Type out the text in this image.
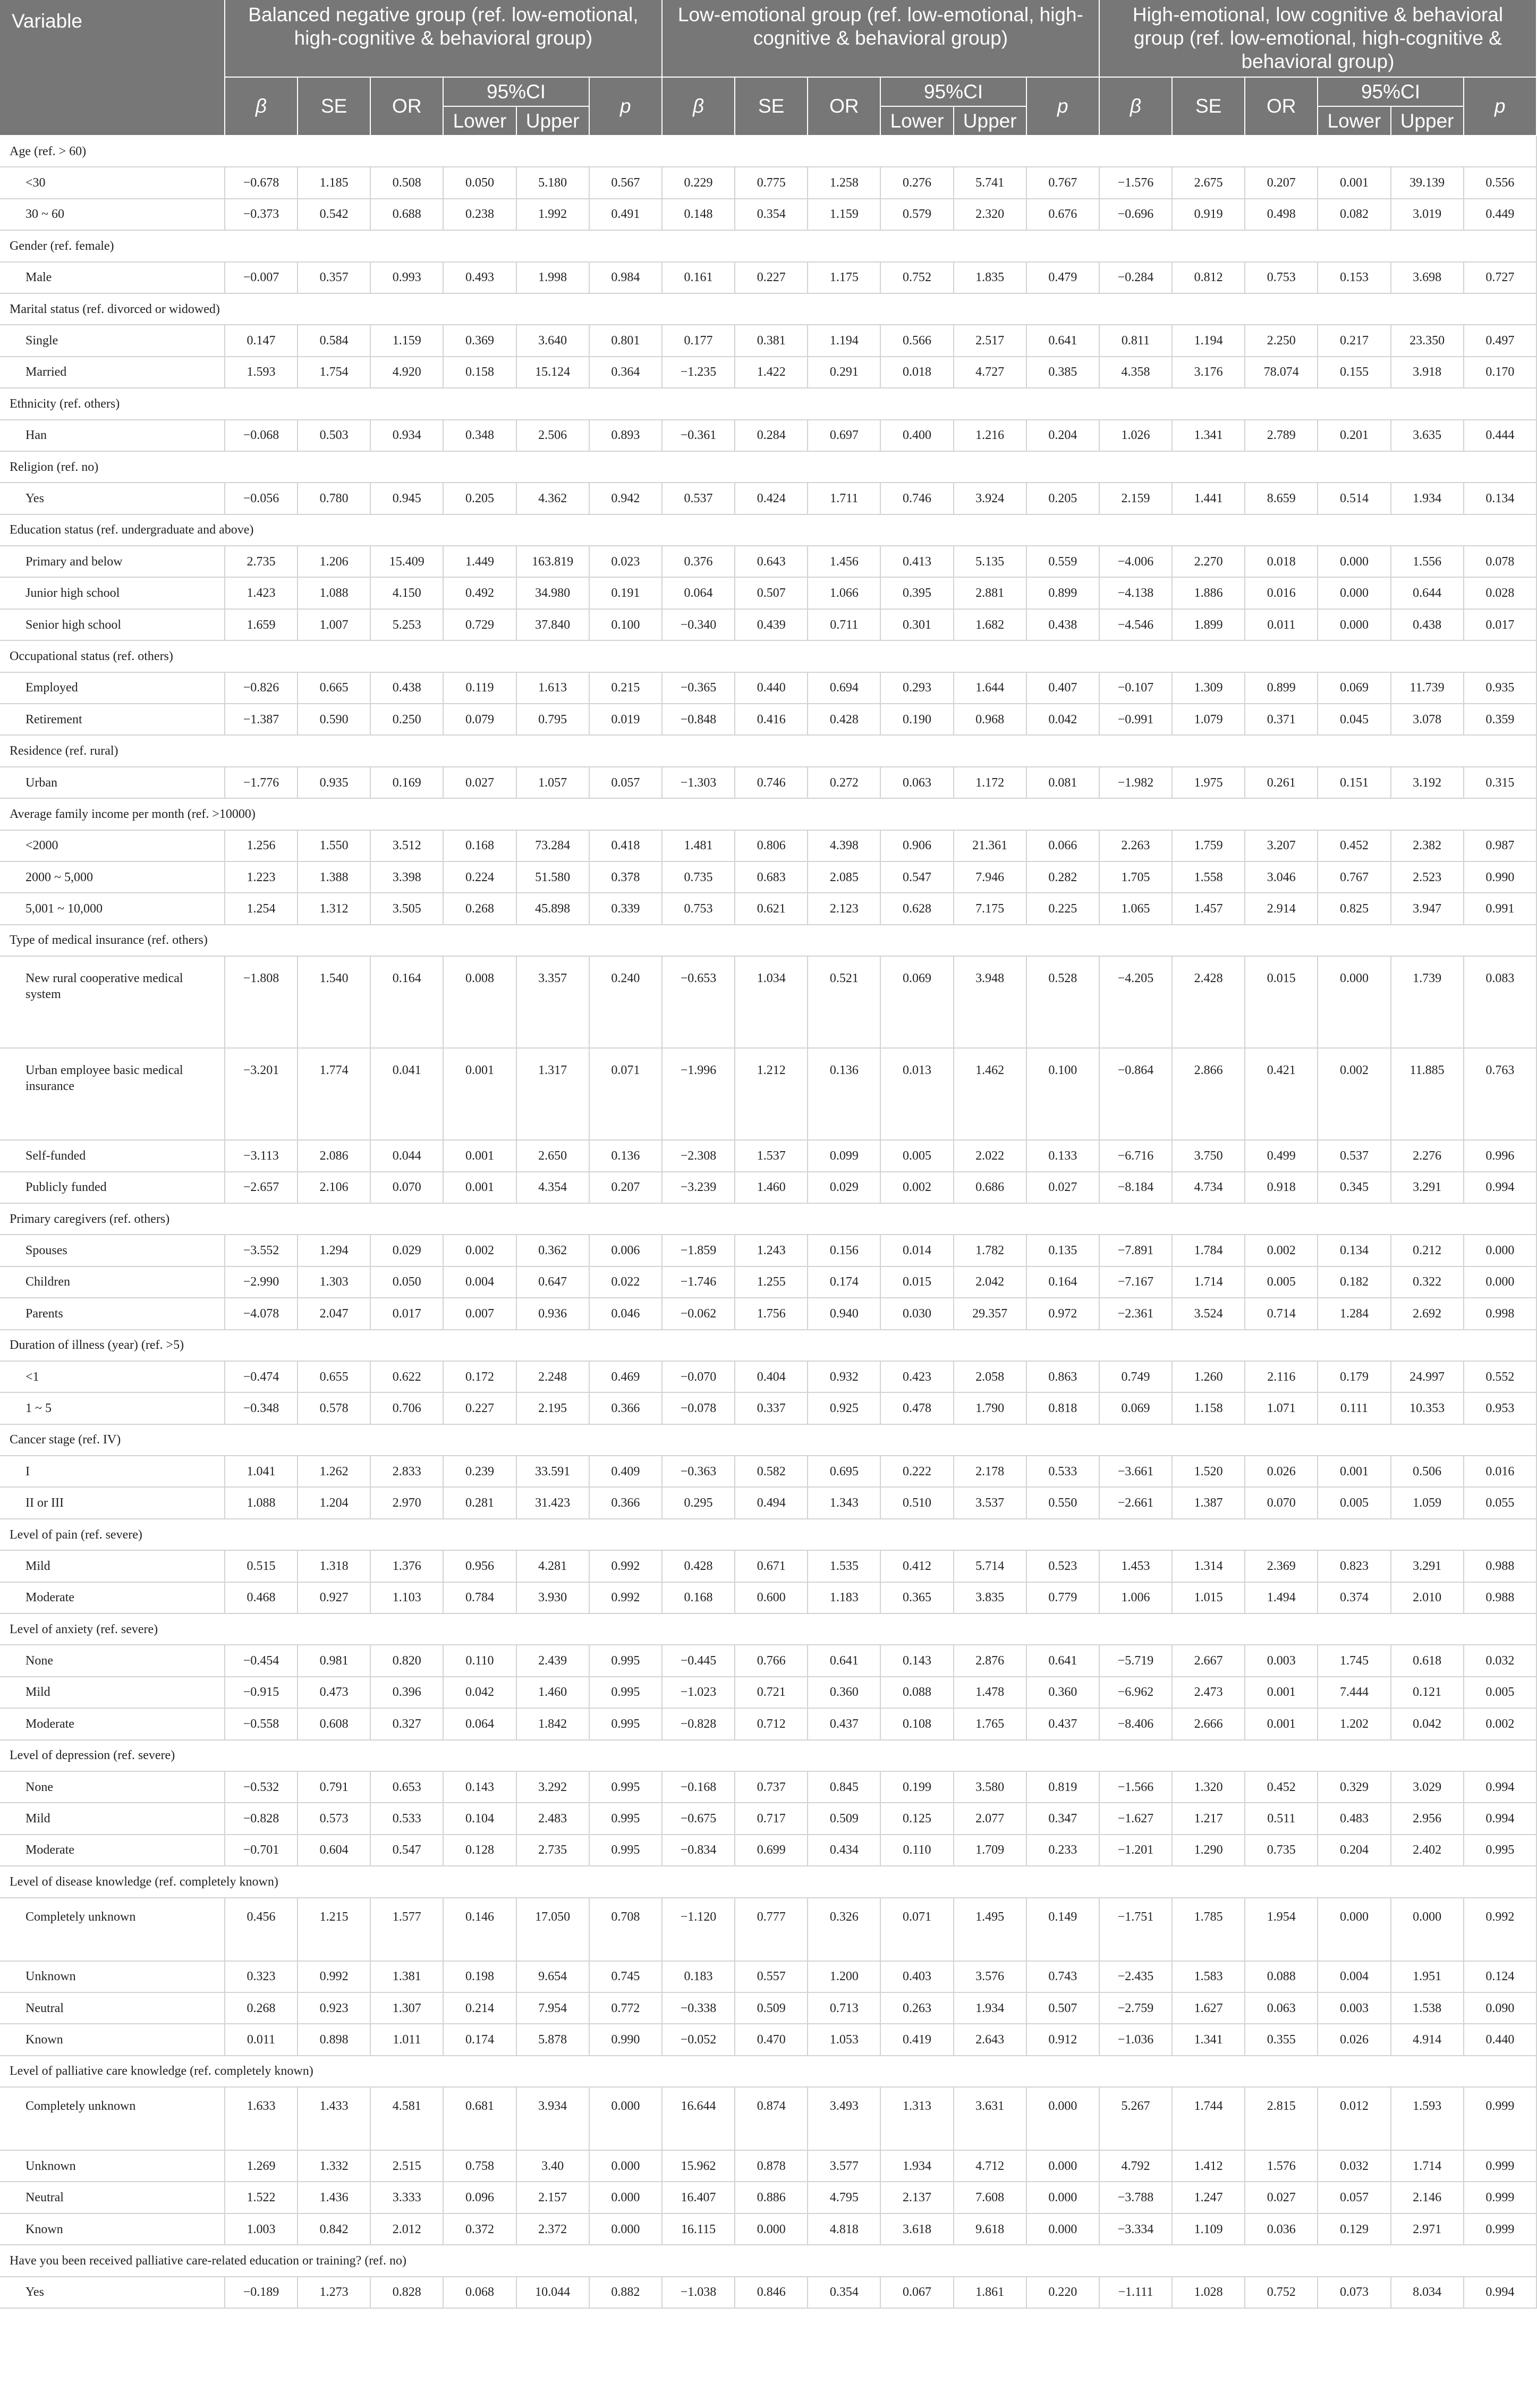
Variable	Balanced negative group (ref. low-emotional, high-cognitive & behavioral group)						Low-emotional group (ref. low-emotional, high-cognitive & behavioral group)						High-emotional, low cognitive & behavioral group (ref. low-emotional, high-cognitive & behavioral group)					
	β	SE	OR	95%CI		p	β	SE	OR	95%CI		p	β	SE	OR	95%CI		p
				Lower	Upper					Lower	Upper					Lower	Upper	
Age (ref. > 60)																		
<30	−0.678	1.185	0.508	0.050	5.180	0.567	0.229	0.775	1.258	0.276	5.741	0.767	−1.576	2.675	0.207	0.001	39.139	0.556
30 ~ 60	−0.373	0.542	0.688	0.238	1.992	0.491	0.148	0.354	1.159	0.579	2.320	0.676	−0.696	0.919	0.498	0.082	3.019	0.449
Gender (ref. female)																		
Male	−0.007	0.357	0.993	0.493	1.998	0.984	0.161	0.227	1.175	0.752	1.835	0.479	−0.284	0.812	0.753	0.153	3.698	0.727
Marital status (ref. divorced or widowed)																		
Single	0.147	0.584	1.159	0.369	3.640	0.801	0.177	0.381	1.194	0.566	2.517	0.641	0.811	1.194	2.250	0.217	23.350	0.497
Married	1.593	1.754	4.920	0.158	15.124	0.364	−1.235	1.422	0.291	0.018	4.727	0.385	4.358	3.176	78.074	0.155	3.918	0.170
Ethnicity (ref. others)																		
Han	−0.068	0.503	0.934	0.348	2.506	0.893	−0.361	0.284	0.697	0.400	1.216	0.204	1.026	1.341	2.789	0.201	3.635	0.444
Religion (ref. no)																		
Yes	−0.056	0.780	0.945	0.205	4.362	0.942	0.537	0.424	1.711	0.746	3.924	0.205	2.159	1.441	8.659	0.514	1.934	0.134
Education status (ref. undergraduate and above)																		
Primary and below	2.735	1.206	15.409	1.449	163.819	0.023	0.376	0.643	1.456	0.413	5.135	0.559	−4.006	2.270	0.018	0.000	1.556	0.078
Junior high school	1.423	1.088	4.150	0.492	34.980	0.191	0.064	0.507	1.066	0.395	2.881	0.899	−4.138	1.886	0.016	0.000	0.644	0.028
Senior high school	1.659	1.007	5.253	0.729	37.840	0.100	−0.340	0.439	0.711	0.301	1.682	0.438	−4.546	1.899	0.011	0.000	0.438	0.017
Occupational status (ref. others)																		
Employed	−0.826	0.665	0.438	0.119	1.613	0.215	−0.365	0.440	0.694	0.293	1.644	0.407	−0.107	1.309	0.899	0.069	11.739	0.935
Retirement	−1.387	0.590	0.250	0.079	0.795	0.019	−0.848	0.416	0.428	0.190	0.968	0.042	−0.991	1.079	0.371	0.045	3.078	0.359
Residence (ref. rural)																		
Urban	−1.776	0.935	0.169	0.027	1.057	0.057	−1.303	0.746	0.272	0.063	1.172	0.081	−1.982	1.975	0.261	0.151	3.192	0.315
Average family income per month (ref. >10000)																		
<2000	1.256	1.550	3.512	0.168	73.284	0.418	1.481	0.806	4.398	0.906	21.361	0.066	2.263	1.759	3.207	0.452	2.382	0.987
2000 ~ 5,000	1.223	1.388	3.398	0.224	51.580	0.378	0.735	0.683	2.085	0.547	7.946	0.282	1.705	1.558	3.046	0.767	2.523	0.990
5,001 ~ 10,000	1.254	1.312	3.505	0.268	45.898	0.339	0.753	0.621	2.123	0.628	7.175	0.225	1.065	1.457	2.914	0.825	3.947	0.991
Type of medical insurance (ref. others)																		
New rural cooperative medical system	−1.808	1.540	0.164	0.008	3.357	0.240	−0.653	1.034	0.521	0.069	3.948	0.528	−4.205	2.428	0.015	0.000	1.739	0.083
Urban employee basic medical insurance	−3.201	1.774	0.041	0.001	1.317	0.071	−1.996	1.212	0.136	0.013	1.462	0.100	−0.864	2.866	0.421	0.002	11.885	0.763
Self-funded	−3.113	2.086	0.044	0.001	2.650	0.136	−2.308	1.537	0.099	0.005	2.022	0.133	−6.716	3.750	0.499	0.537	2.276	0.996
Publicly funded	−2.657	2.106	0.070	0.001	4.354	0.207	−3.239	1.460	0.029	0.002	0.686	0.027	−8.184	4.734	0.918	0.345	3.291	0.994
Primary caregivers (ref. others)																		
Spouses	−3.552	1.294	0.029	0.002	0.362	0.006	−1.859	1.243	0.156	0.014	1.782	0.135	−7.891	1.784	0.002	0.134	0.212	0.000
Children	−2.990	1.303	0.050	0.004	0.647	0.022	−1.746	1.255	0.174	0.015	2.042	0.164	−7.167	1.714	0.005	0.182	0.322	0.000
Parents	−4.078	2.047	0.017	0.007	0.936	0.046	−0.062	1.756	0.940	0.030	29.357	0.972	−2.361	3.524	0.714	1.284	2.692	0.998
Duration of illness (year) (ref. >5)																		
<1	−0.474	0.655	0.622	0.172	2.248	0.469	−0.070	0.404	0.932	0.423	2.058	0.863	0.749	1.260	2.116	0.179	24.997	0.552
1 ~ 5	−0.348	0.578	0.706	0.227	2.195	0.366	−0.078	0.337	0.925	0.478	1.790	0.818	0.069	1.158	1.071	0.111	10.353	0.953
Cancer stage (ref. IV)																		
I	1.041	1.262	2.833	0.239	33.591	0.409	−0.363	0.582	0.695	0.222	2.178	0.533	−3.661	1.520	0.026	0.001	0.506	0.016
II or III	1.088	1.204	2.970	0.281	31.423	0.366	0.295	0.494	1.343	0.510	3.537	0.550	−2.661	1.387	0.070	0.005	1.059	0.055
Level of pain (ref. severe)																		
Mild	0.515	1.318	1.376	0.956	4.281	0.992	0.428	0.671	1.535	0.412	5.714	0.523	1.453	1.314	2.369	0.823	3.291	0.988
Moderate	0.468	0.927	1.103	0.784	3.930	0.992	0.168	0.600	1.183	0.365	3.835	0.779	1.006	1.015	1.494	0.374	2.010	0.988
Level of anxiety (ref. severe)																		
None	−0.454	0.981	0.820	0.110	2.439	0.995	−0.445	0.766	0.641	0.143	2.876	0.641	−5.719	2.667	0.003	1.745	0.618	0.032
Mild	−0.915	0.473	0.396	0.042	1.460	0.995	−1.023	0.721	0.360	0.088	1.478	0.360	−6.962	2.473	0.001	7.444	0.121	0.005
Moderate	−0.558	0.608	0.327	0.064	1.842	0.995	−0.828	0.712	0.437	0.108	1.765	0.437	−8.406	2.666	0.001	1.202	0.042	0.002
Level of depression (ref. severe)																		
None	−0.532	0.791	0.653	0.143	3.292	0.995	−0.168	0.737	0.845	0.199	3.580	0.819	−1.566	1.320	0.452	0.329	3.029	0.994
Mild	−0.828	0.573	0.533	0.104	2.483	0.995	−0.675	0.717	0.509	0.125	2.077	0.347	−1.627	1.217	0.511	0.483	2.956	0.994
Moderate	−0.701	0.604	0.547	0.128	2.735	0.995	−0.834	0.699	0.434	0.110	1.709	0.233	−1.201	1.290	0.735	0.204	2.402	0.995
Level of disease knowledge (ref. completely known)																		
Completely unknown	0.456	1.215	1.577	0.146	17.050	0.708	−1.120	0.777	0.326	0.071	1.495	0.149	−1.751	1.785	1.954	0.000	0.000	0.992
Unknown	0.323	0.992	1.381	0.198	9.654	0.745	0.183	0.557	1.200	0.403	3.576	0.743	−2.435	1.583	0.088	0.004	1.951	0.124
Neutral	0.268	0.923	1.307	0.214	7.954	0.772	−0.338	0.509	0.713	0.263	1.934	0.507	−2.759	1.627	0.063	0.003	1.538	0.090
Known	0.011	0.898	1.011	0.174	5.878	0.990	−0.052	0.470	1.053	0.419	2.643	0.912	−1.036	1.341	0.355	0.026	4.914	0.440
Level of palliative care knowledge (ref. completely known)																		
Completely unknown	1.633	1.433	4.581	0.681	3.934	0.000	16.644	0.874	3.493	1.313	3.631	0.000	5.267	1.744	2.815	0.012	1.593	0.999
Unknown	1.269	1.332	2.515	0.758	3.40	0.000	15.962	0.878	3.577	1.934	4.712	0.000	4.792	1.412	1.576	0.032	1.714	0.999
Neutral	1.522	1.436	3.333	0.096	2.157	0.000	16.407	0.886	4.795	2.137	7.608	0.000	−3.788	1.247	0.027	0.057	2.146	0.999
Known	1.003	0.842	2.012	0.372	2.372	0.000	16.115	0.000	4.818	3.618	9.618	0.000	−3.334	1.109	0.036	0.129	2.971	0.999
Have you been received palliative care-related education or training? (ref. no)																		
Yes	−0.189	1.273	0.828	0.068	10.044	0.882	−1.038	0.846	0.354	0.067	1.861	0.220	−1.111	1.028	0.752	0.073	8.034	0.994
